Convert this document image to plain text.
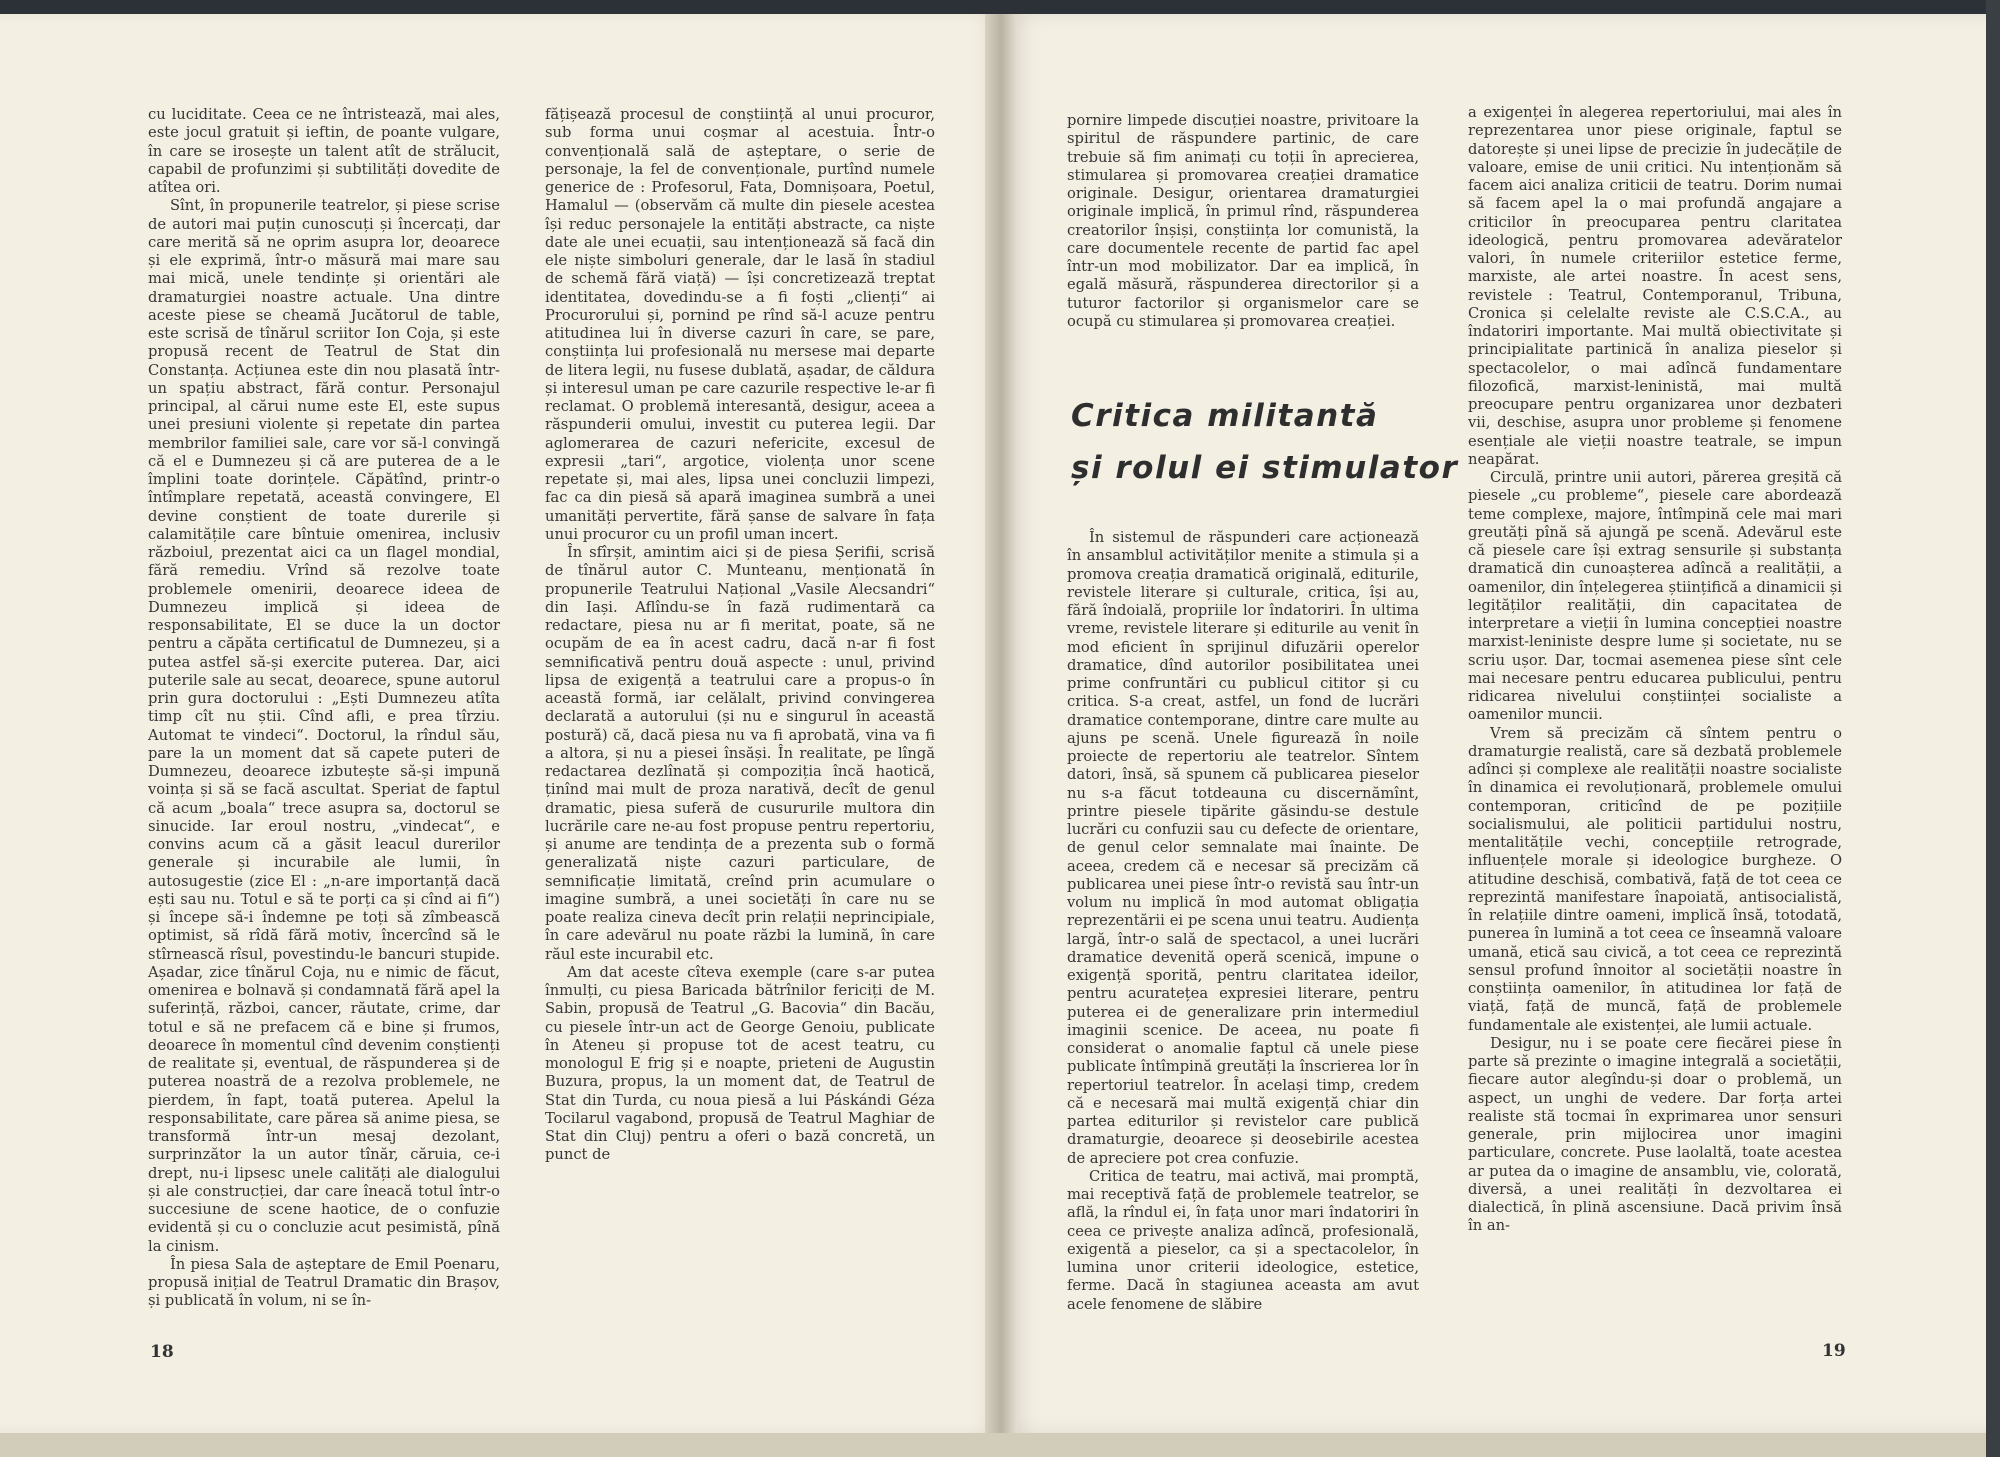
cu luciditate. Ceea ce ne întristează, mai ales, este jocul gratuit și ieftin, de poante vulgare, în care se irosește un talent atît de strălucit, capabil de profunzimi și subtilități dovedite de atîtea ori.

Sînt, în propunerile teatrelor, și piese scrise de autori mai puțin cunoscuți și încercați, dar care merită să ne oprim asupra lor, deoarece și ele exprimă, într-o măsură mai mare sau mai mică, unele tendințe și orientări ale dramaturgiei noastre actuale. Una dintre aceste piese se cheamă Jucătorul de table, este scrisă de tînărul scriitor Ion Coja, și este propusă recent de Teatrul de Stat din Constanța. Acțiunea este din nou plasată într-un spațiu abstract, fără contur. Personajul principal, al cărui nume este El, este supus unei presiuni violente și repetate din partea membrilor familiei sale, care vor să-l convingă că el e Dumnezeu și că are puterea de a le împlini toate dorințele. Căpătînd, printr-o întîmplare repetată, această convingere, El devine conștient de toate durerile și calamitățile care bîntuie omenirea, inclusiv războiul, prezentat aici ca un flagel mondial, fără remediu. Vrînd să rezolve toate problemele omenirii, deoarece ideea de Dumnezeu implică și ideea de responsabilitate, El se duce la un doctor pentru a căpăta certificatul de Dumnezeu, și a putea astfel să-și exercite puterea. Dar, aici puterile sale au secat, deoarece, spune autorul prin gura doctorului : „Ești Dumnezeu atîta timp cît nu știi. Cînd afli, e prea tîrziu. Automat te vindeci“. Doctorul, la rîndul său, pare la un moment dat să capete puteri de Dumnezeu, deoarece izbutește să-și impună voința și să se facă ascultat. Speriat de faptul că acum „boala“ trece asupra sa, doctorul se sinucide. Iar eroul nostru, „vindecat“, e convins acum că a găsit leacul durerilor generale și incurabile ale lumii, în autosugestie (zice El : „n-are importanță dacă ești sau nu. Totul e să te porți ca și cînd ai fi“) și începe să-i îndemne pe toți să zîmbească optimist, să rîdă fără motiv, încercînd să le stîrnească rîsul, povestindu-le bancuri stupide. Așadar, zice tînărul Coja, nu e nimic de făcut, omenirea e bolnavă și condamnată fără apel la suferință, război, cancer, răutate, crime, dar totul e să ne prefacem că e bine și frumos, deoarece în momentul cînd devenim conștienți de realitate și, eventual, de răspunderea și de puterea noastră de a rezolva problemele, ne pierdem, în fapt, toată puterea. Apelul la responsabilitate, care părea să anime piesa, se transformă într-un mesaj dezolant, surprinzător la un autor tînăr, căruia, ce-i drept, nu-i lipsesc unele calități ale dialogului și ale construcției, dar care îneacă totul într-o succesiune de scene haotice, de o confuzie evidentă și cu o concluzie acut pesimistă, pînă la cinism.

În piesa Sala de așteptare de Emil Poenaru, propusă inițial de Teatrul Dramatic din Brașov, și publicată în volum, ni se în-

fățișează procesul de conștiință al unui procuror, sub forma unui coșmar al acestuia. Într-o convențională sală de așteptare, o serie de personaje, la fel de convenționale, purtînd numele generice de : Profesorul, Fata, Domnișoara, Poetul, Hamalul — (observăm că multe din piesele acestea își reduc personajele la entități abstracte, ca niște date ale unei ecuații, sau intenționează să facă din ele niște simboluri generale, dar le lasă în stadiul de schemă fără viață) — își concretizează treptat identitatea, dovedindu-se a fi foști „clienți“ ai Procurorului și, pornind pe rînd să-l acuze pentru atitudinea lui în diverse cazuri în care, se pare, conștiința lui profesională nu mersese mai departe de litera legii, nu fusese dublată, așadar, de căldura și interesul uman pe care cazurile respective le-ar fi reclamat. O problemă interesantă, desigur, aceea a răspunderii omului, investit cu puterea legii. Dar aglomerarea de cazuri nefericite, excesul de expresii „tari“, argotice, violența unor scene repetate și, mai ales, lipsa unei concluzii limpezi, fac ca din piesă să apară imaginea sumbră a unei umanități pervertite, fără șanse de salvare în fața unui procuror cu un profil uman incert.

În sfîrșit, amintim aici și de piesa Șerifii, scrisă de tînărul autor C. Munteanu, menționată în propunerile Teatrului Național „Vasile Alecsandri“ din Iași. Aflîndu-se în fază rudimentară ca redactare, piesa nu ar fi meritat, poate, să ne ocupăm de ea în acest cadru, dacă n-ar fi fost semnificativă pentru două aspecte : unul, privind lipsa de exigență a teatrului care a propus-o în această formă, iar celălalt, privind convingerea declarată a autorului (și nu e singurul în această postură) că, dacă piesa nu va fi aprobată, vina va fi a altora, și nu a piesei însăși. În realitate, pe lîngă redactarea dezlînată și compoziția încă haotică, ținînd mai mult de proza narativă, decît de genul dramatic, piesa suferă de cusururile multora din lucrările care ne-au fost propuse pentru repertoriu, și anume are tendința de a prezenta sub o formă generalizată niște cazuri particulare, de semnificație limitată, creînd prin acumulare o imagine sumbră, a unei societăți în care nu se poate realiza cineva decît prin relații neprincipiale, în care adevărul nu poate răzbi la lumină, în care răul este incurabil etc.

Am dat aceste cîteva exemple (care s-ar putea înmulți, cu piesa Baricada bătrînilor fericiți de M. Sabin, propusă de Teatrul „G. Bacovia“ din Bacău, cu piesele într-un act de George Genoiu, publicate în Ateneu și propuse tot de acest teatru, cu monologul E frig și e noapte, prieteni de Augustin Buzura, propus, la un moment dat, de Teatrul de Stat din Turda, cu noua piesă a lui Páskándi Géza Tocilarul vagabond, propusă de Teatrul Maghiar de Stat din Cluj) pentru a oferi o bază concretă, un punct de

18

pornire limpede discuției noastre, privitoare la spiritul de răspundere partinic, de care trebuie să fim animați cu toții în aprecierea, stimularea și promovarea creației dramatice originale. Desigur, orientarea dramaturgiei originale implică, în primul rînd, răspunderea creatorilor înșiși, conștiința lor comunistă, la care documentele recente de partid fac apel într-un mod mobilizator. Dar ea implică, în egală măsură, răspunderea directorilor și a tuturor factorilor și organismelor care se ocupă cu stimularea și promovarea creației.

Critica militantă
și rolul ei stimulator

În sistemul de răspunderi care acționează în ansamblul activităților menite a stimula și a promova creația dramatică originală, editurile, revistele literare și culturale, critica, își au, fără îndoială, propriile lor îndatoriri. În ultima vreme, revistele literare și editurile au venit în mod eficient în sprijinul difuzării operelor dramatice, dînd autorilor posibilitatea unei prime confruntări cu publicul cititor și cu critica. S-a creat, astfel, un fond de lucrări dramatice contemporane, dintre care multe au ajuns pe scenă. Unele figurează în noile proiecte de repertoriu ale teatrelor. Sîntem datori, însă, să spunem că publicarea pieselor nu s-a făcut totdeauna cu discernămînt, printre piesele tipărite găsindu-se destule lucrări cu confuzii sau cu defecte de orientare, de genul celor semnalate mai înainte. De aceea, credem că e necesar să precizăm că publicarea unei piese într-o revistă sau într-un volum nu implică în mod automat obligația reprezentării ei pe scena unui teatru. Audiența largă, într-o sală de spectacol, a unei lucrări dramatice devenită operă scenică, impune o exigență sporită, pentru claritatea ideilor, pentru acuratețea expresiei literare, pentru puterea ei de generalizare prin intermediul imaginii scenice. De aceea, nu poate fi considerat o anomalie faptul că unele piese publicate întîmpină greutăți la înscrierea lor în repertoriul teatrelor. În același timp, credem că e necesară mai multă exigență chiar din partea editurilor și revistelor care publică dramaturgie, deoarece și deosebirile acestea de apreciere pot crea confuzie.

Critica de teatru, mai activă, mai promptă, mai receptivă față de problemele teatrelor, se află, la rîndul ei, în fața unor mari îndatoriri în ceea ce privește analiza adîncă, profesională, exigentă a pieselor, ca și a spectacolelor, în lumina unor criterii ideologice, estetice, ferme. Dacă în stagiunea aceasta am avut acele fenomene de slăbire

a exigenței în alegerea repertoriului, mai ales în reprezentarea unor piese originale, faptul se datorește și unei lipse de precizie în judecățile de valoare, emise de unii critici. Nu intenționăm să facem aici analiza criticii de teatru. Dorim numai să facem apel la o mai profundă angajare a criticilor în preocuparea pentru claritatea ideologică, pentru promovarea adevăratelor valori, în numele criteriilor estetice ferme, marxiste, ale artei noastre. În acest sens, revistele : Teatrul, Contemporanul, Tribuna, Cronica și celelalte reviste ale C.S.C.A., au îndatoriri importante. Mai multă obiectivitate și principialitate partinică în analiza pieselor și spectacolelor, o mai adîncă fundamentare filozofică, marxist-leninistă, mai multă preocupare pentru organizarea unor dezbateri vii, deschise, asupra unor probleme și fenomene esențiale ale vieții noastre teatrale, se impun neapărat.

Circulă, printre unii autori, părerea greșită că piesele „cu probleme“, piesele care abordează teme complexe, majore, întîmpină cele mai mari greutăți pînă să ajungă pe scenă. Adevărul este că piesele care își extrag sensurile și substanța dramatică din cunoașterea adîncă a realității, a oamenilor, din înțelegerea științifică a dinamicii și legităților realității, din capacitatea de interpretare a vieții în lumina concepției noastre marxist-leniniste despre lume și societate, nu se scriu ușor. Dar, tocmai asemenea piese sînt cele mai necesare pentru educarea publicului, pentru ridicarea nivelului conștiinței socialiste a oamenilor muncii.

Vrem să precizăm că sîntem pentru o dramaturgie realistă, care să dezbată problemele adînci și complexe ale realității noastre socialiste în dinamica ei revoluționară, problemele omului contemporan, criticînd de pe pozițiile socialismului, ale politicii partidului nostru, mentalitățile vechi, concepțiile retrograde, influențele morale și ideologice burgheze. O atitudine deschisă, combativă, față de tot ceea ce reprezintă manifestare înapoiată, antisocialistă, în relațiile dintre oameni, implică însă, totodată, punerea în lumină a tot ceea ce înseamnă valoare umană, etică sau civică, a tot ceea ce reprezintă sensul profund înnoitor al societății noastre în conștiința oamenilor, în atitudinea lor față de viață, față de muncă, față de problemele fundamentale ale existenței, ale lumii actuale.

Desigur, nu i se poate cere fiecărei piese în parte să prezinte o imagine integrală a societății, fiecare autor alegîndu-și doar o problemă, un aspect, un unghi de vedere. Dar forța artei realiste stă tocmai în exprimarea unor sensuri generale, prin mijlocirea unor imagini particulare, concrete. Puse laolaltă, toate acestea ar putea da o imagine de ansamblu, vie, colorată, diversă, a unei realități în dezvoltarea ei dialectică, în plină ascensiune. Dacă privim însă în an-

19
